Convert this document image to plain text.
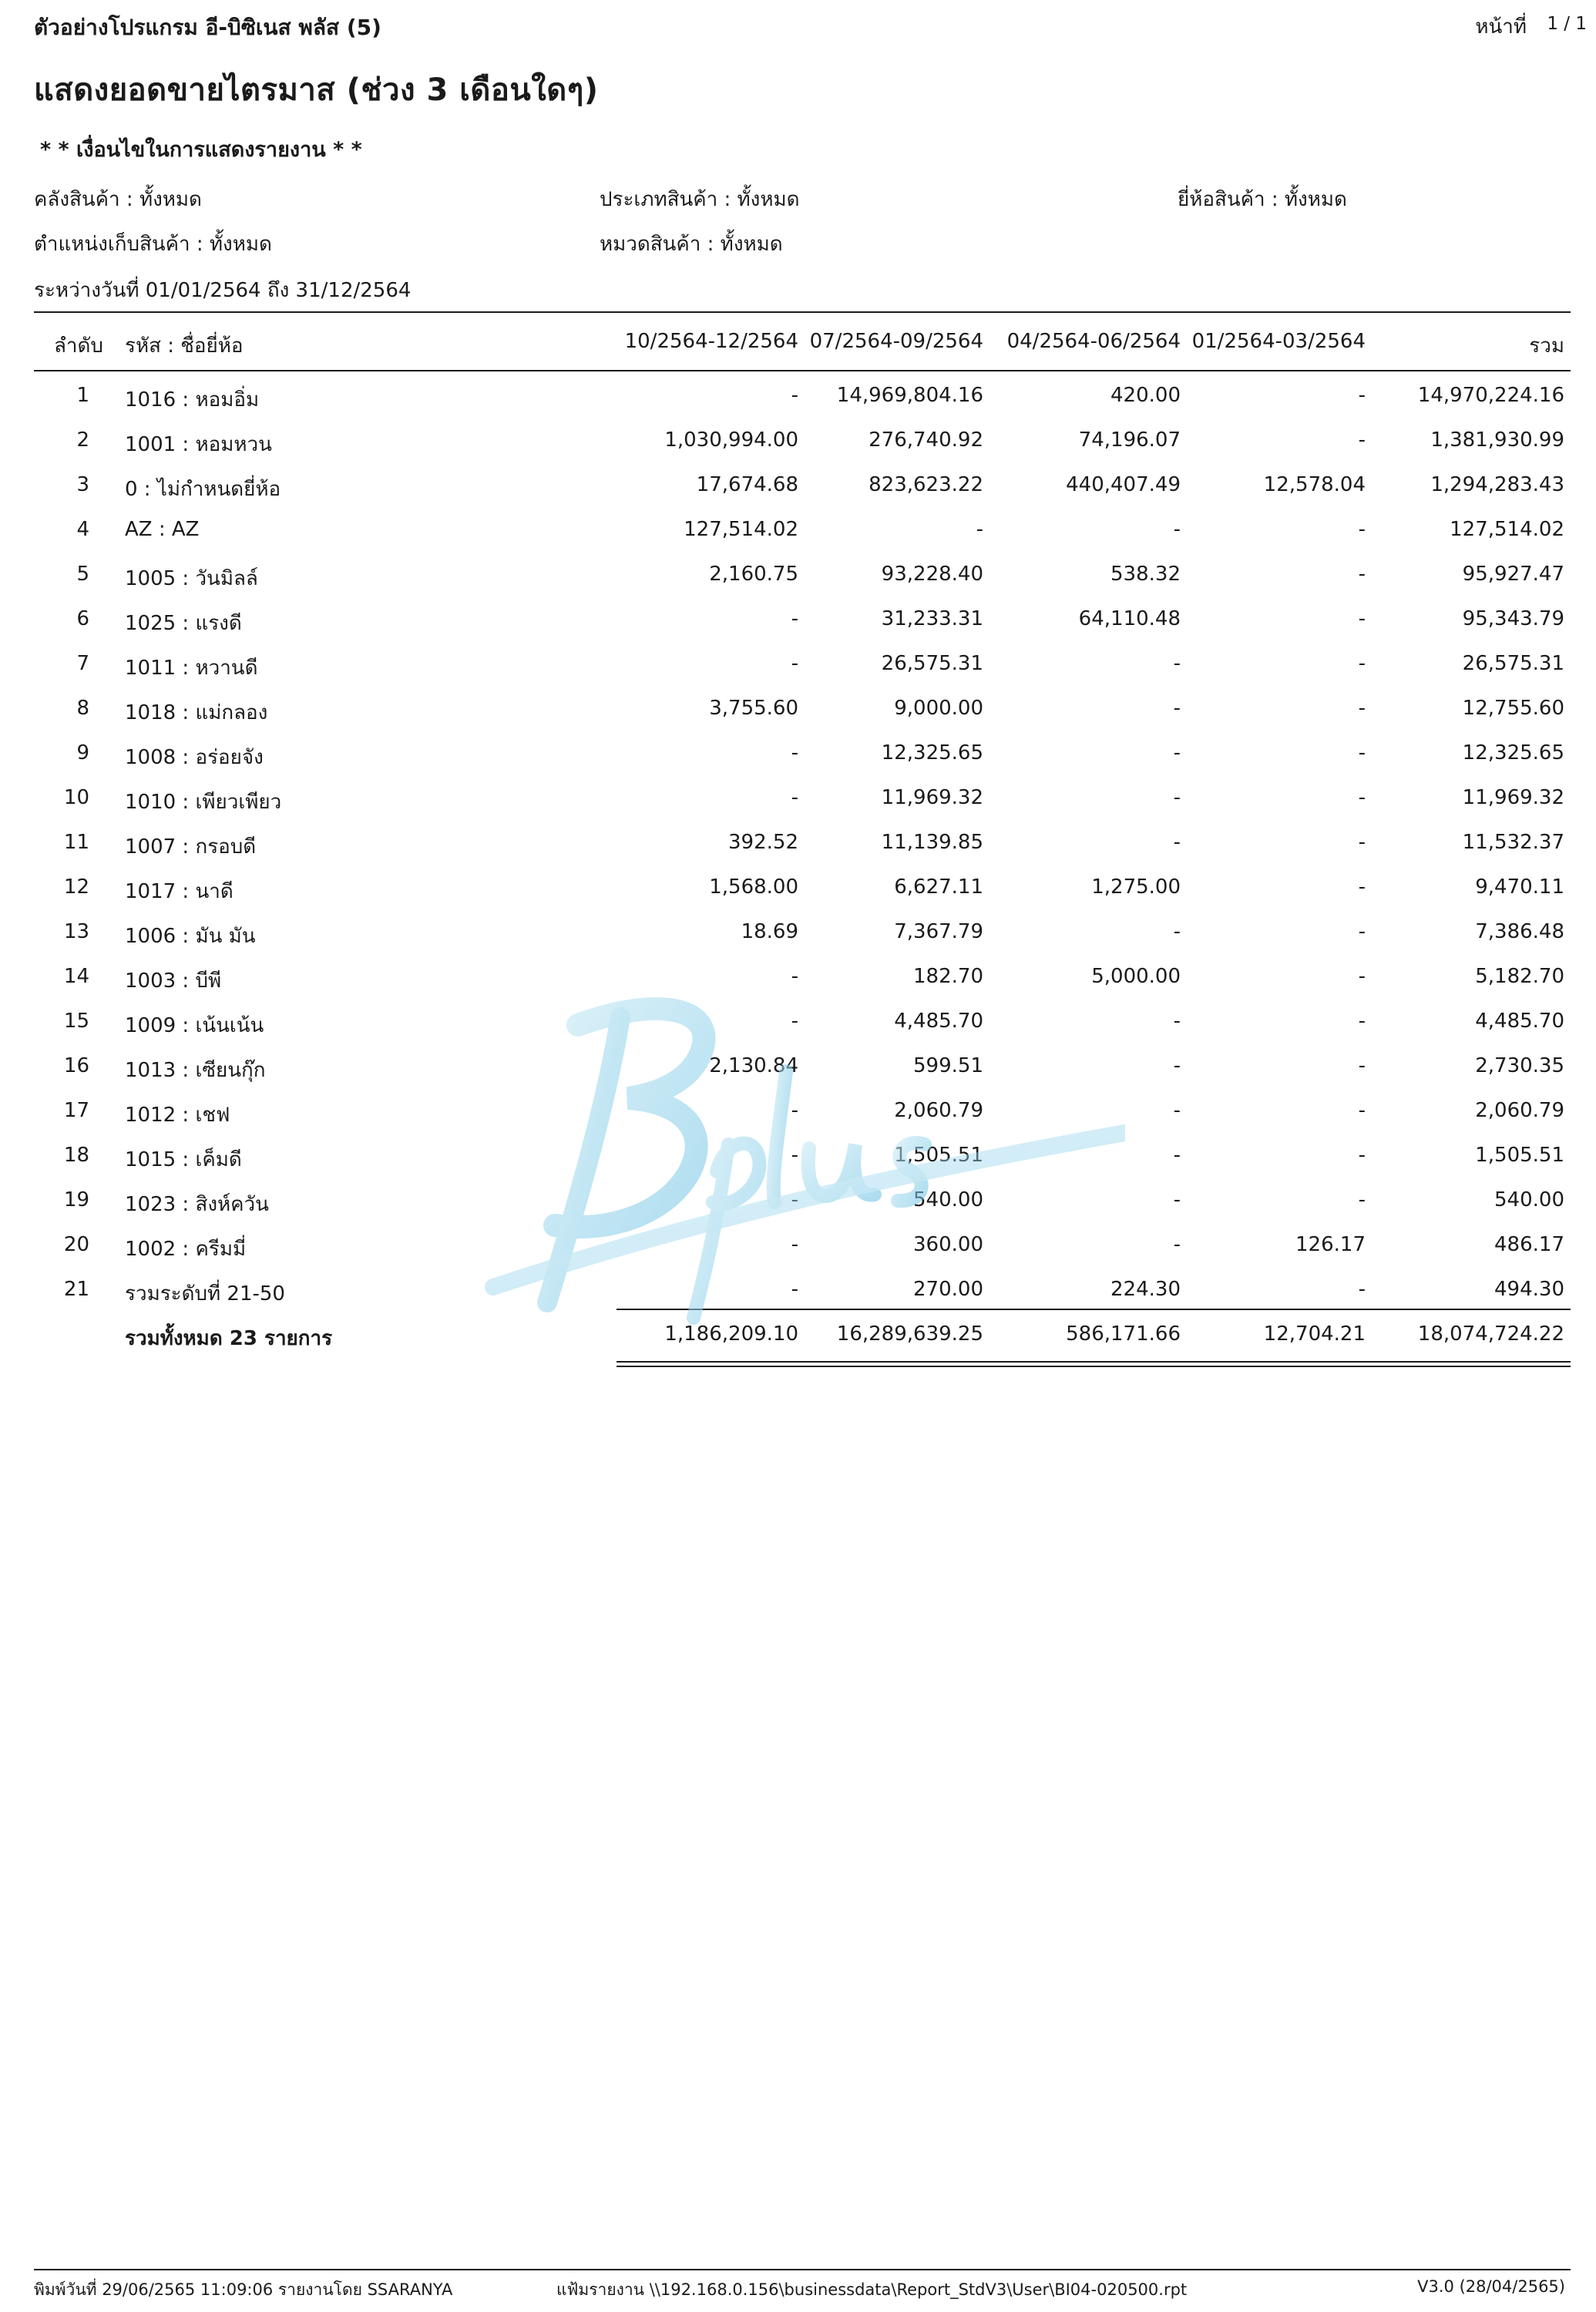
ตัวอย่างโปรแกรม อี-บิซิเนส พลัส (5)	หน้าที่ 1 / 1
แสดงยอดขายไตรมาส (ช่วง 3 เดือนใดๆ)
* * เงื่อนไขในการแสดงรายงาน * *
คลังสินค้า : ทั้งหมด	ประเภทสินค้า : ทั้งหมด	ยี่ห้อสินค้า : ทั้งหมด
ตำแหน่งเก็บสินค้า : ทั้งหมด	หมวดสินค้า : ทั้งหมด
ระหว่างวันที่ 01/01/2564 ถึง 31/12/2564
ลำดับ รหัส : ชื่อยี่ห้อ	10/2564-12/2564 07/2564-09/2564	04/2564-06/2564 01/2564-03/2564	รวม
1 1016 : หอมอิ่ม	-	14,969,804.16	420.00	-	14,970,224.16
2 1001 : หอมหวน	1,030,994.00	276,740.92	74,196.07	-	1,381,930.99
3 0 : ไม่กำหนดยี่ห้อ	17,674.68	823,623.22	440,407.49	12,578.04	1,294,283.43
4 AZ : AZ	127,514.02	-	-	-	127,514.02
5 1005 : วันมิลล์	2,160.75	93,228.40	538.32	-	95,927.47
6 1025 : แรงดี	-	31,233.31	64,110.48	-	95,343.79
7 1011 : หวานดี	-	26,575.31	-	-	26,575.31
8 1018 : แม่กลอง	3,755.60	9,000.00	-	-	12,755.60
9 1008 : อร่อยจัง	-	12,325.65	-	-	12,325.65
10 1010 : เพียวเพียว	-	11,969.32	-	-	11,969.32
11 1007 : กรอบดี	392.52	11,139.85	-	-	11,532.37
12 1017 : นาดี	1,568.00	6,627.11	1,275.00	-	9,470.11
13 1006 : มัน มัน	18.69	7,367.79	-	-	7,386.48
14 1003 : บีพี	-	182.70	5,000.00	-	5,182.70
15 1009 : เน้นเน้น	-	4,485.70	-	-	4,485.70
16 1013 : เซียนกุ๊ก	2,130.84	599.51	-	-	2,730.35
17 1012 : เชฟ	-	2,060.79	-	-	2,060.79
18 1015 : เค็มดี	-	1,505.51	-	-	1,505.51
19 1023 : สิงห์ควัน	-	540.00	-	-	540.00
20 1002 : ครีมมี่	-	360.00	-	126.17	486.17
21 รวมระดับที่ 21-50	-	270.00	224.30	-	494.30
รวมทั้งหมด 23 รายการ	1,186,209.10	16,289,639.25	586,171.66	12,704.21	18,074,724.22
พิมพ์วันที่ 29/06/2565 11:09:06 รายงานโดย SSARANYA	แฟ้มรายงาน \\192.168.0.156\businessdata\Report_StdV3\User\BI04-020500.rpt	V3.0 (28/04/2565)
